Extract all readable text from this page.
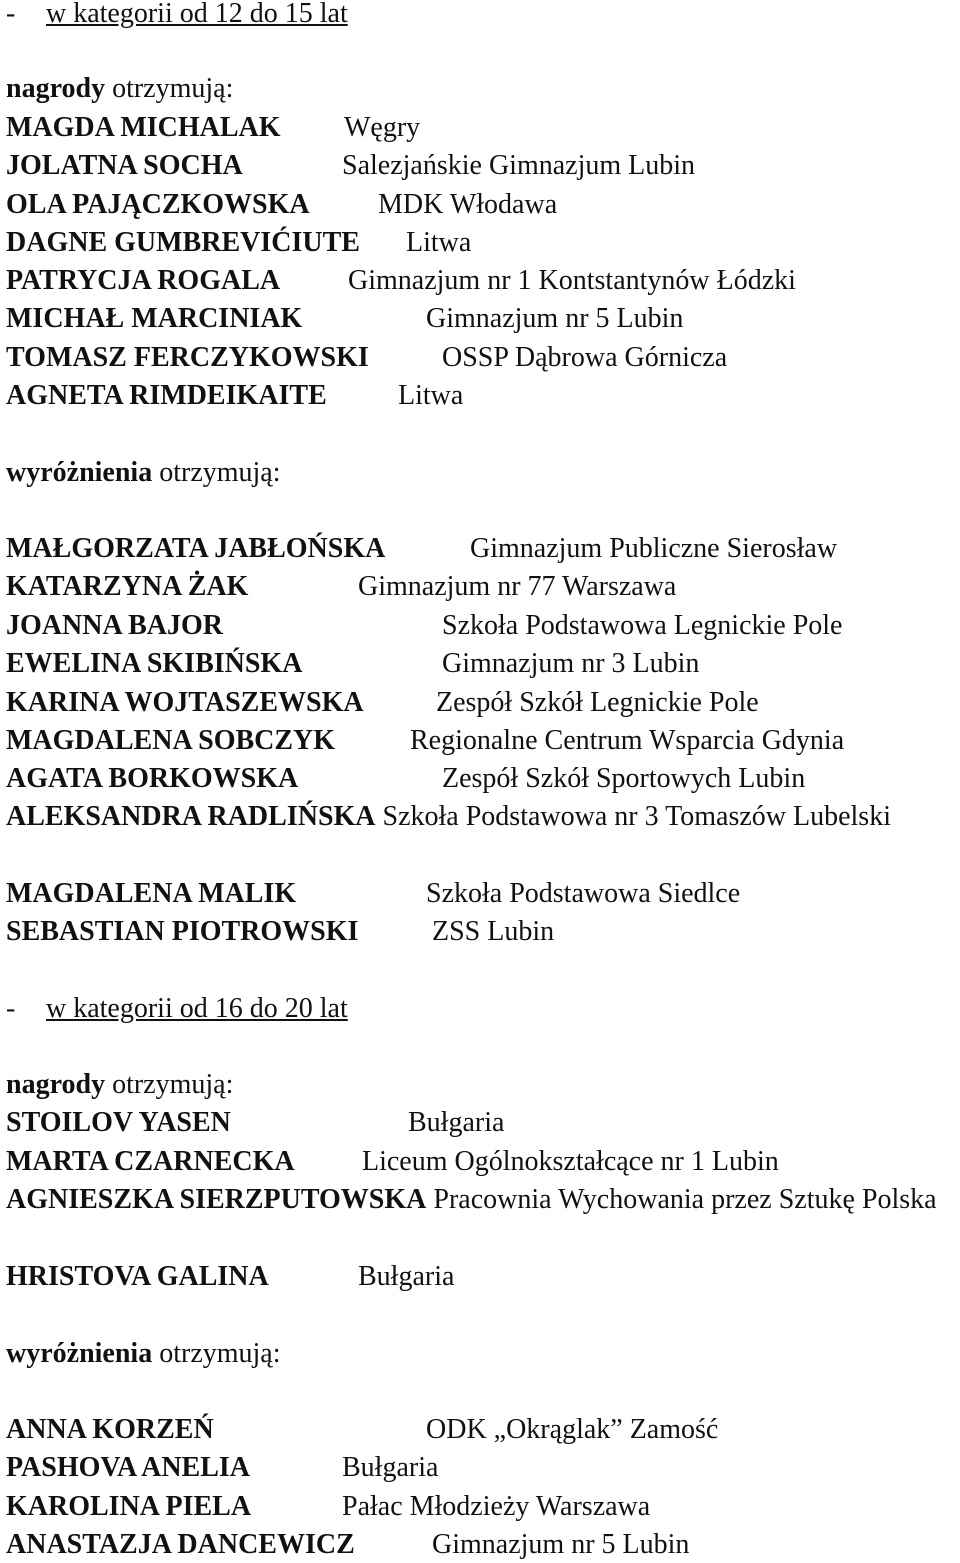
- w kategorii od 12 do 15 lat
nagrody otrzymują:
MAGDA MICHALAK Węgry
JOLATNA SOCHA	Salezjańskie Gimnazjum Lubin
OLA PAJĄCZKOWSKA MDK Włodawa
DAGNE GUMBREVIĆIUTE Litwa
PATRYCJA ROGALA Gimnazjum nr 1 Kontstantynów Łódzki
MICHAŁ MARCINIAK	Gimnazjum nr 5 Lubin
TOMASZ FERCZYKOWSKI	OSSP Dąbrowa Górnicza
AGNETA RIMDEIKAITE	Litwa
wyróżnienia otrzymują:
MAŁGORZATA JABŁOŃSKA	Gimnazjum Publiczne Sierosław
KATARZYNA ŻAK	Gimnazjum nr 77 Warszawa
JOANNA BAJOR	Szkoła Podstawowa Legnickie Pole
EWELINA SKIBIŃSKA	Gimnazjum nr 3 Lubin
KARINA WOJTASZEWSKA	Zespół Szkół Legnickie Pole
MAGDALENA SOBCZYK	Regionalne Centrum Wsparcia Gdynia
AGATA BORKOWSKA	Zespół Szkół Sportowych Lubin
ALEKSANDRA RADLIŃSKA Szkoła Podstawowa nr 3 Tomaszów Lubelski
MAGDALENA MALIK	Szkoła Podstawowa Siedlce
SEBASTIAN PIOTROWSKI	ZSS Lubin
- w kategorii od 16 do 20 lat
nagrody otrzymują:
STOILOV YASEN	Bułgaria
MARTA CZARNECKA Liceum Ogólnokształcące nr 1 Lubin
AGNIESZKA SIERZPUTOWSKA Pracownia Wychowania przez Sztukę Polska
HRISTOVA GALINA	Bułgaria
wyróżnienia otrzymują:
ANNA KORZEŃ	ODK „Okrąglak” Zamość
PASHOVA ANELIA	Bułgaria
KAROLINA PIELA	Pałac Młodzieży Warszawa
ANASTAZJA DANCEWICZ	Gimnazjum nr 5 Lubin
